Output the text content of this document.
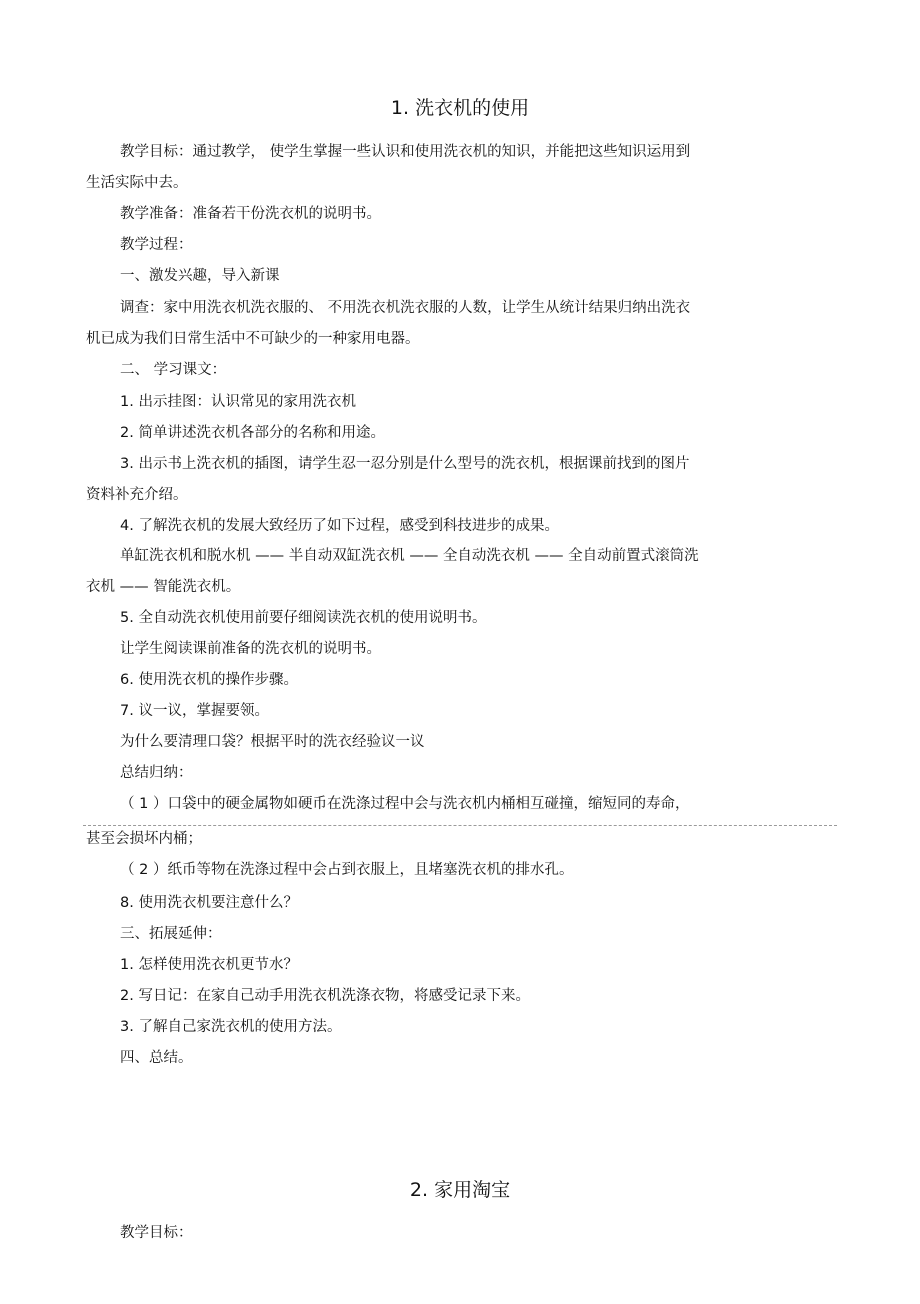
1. 洗衣机的使用
教学目标：通过教学， 使学生掌握一些认识和使用洗衣机的知识，并能把这些知识运用到
生活实际中去。
教学准备：准备若干份洗衣机的说明书。
教学过程：
一、激发兴趣，导入新课
调查：家中用洗衣机洗衣服的、 不用洗衣机洗衣服的人数，让学生从统计结果归纳出洗衣
机已成为我们日常生活中不可缺少的一种家用电器。
二、 学习课文：
1. 出示挂图：认识常见的家用洗衣机
2. 简单讲述洗衣机各部分的名称和用途。
3. 出示书上洗衣机的插图，请学生忍一忍分别是什么型号的洗衣机，根据课前找到的图片
资料补充介绍。
4. 了解洗衣机的发展大致经历了如下过程，感受到科技进步的成果。
单缸洗衣机和脱水机 —— 半自动双缸洗衣机 —— 全自动洗衣机 —— 全自动前置式滚筒洗
衣机 —— 智能洗衣机。
5. 全自动洗衣机使用前要仔细阅读洗衣机的使用说明书。
让学生阅读课前准备的洗衣机的说明书。
6. 使用洗衣机的操作步骤。
7. 议一议，掌握要领。
为什么要清理口袋？根据平时的洗衣经验议一议
总结归纳：
（ 1 ）口袋中的硬金属物如硬币在洗涤过程中会与洗衣机内桶相互碰撞，缩短同的寿命，
甚至会损坏内桶；
（ 2 ）纸币等物在洗涤过程中会占到衣服上，且堵塞洗衣机的排水孔。
8. 使用洗衣机要注意什么？
三、拓展延伸：
1. 怎样使用洗衣机更节水？
2. 写日记：在家自己动手用洗衣机洗涤衣物，将感受记录下来。
3. 了解自己家洗衣机的使用方法。
四、总结。
2. 家用淘宝
教学目标：
